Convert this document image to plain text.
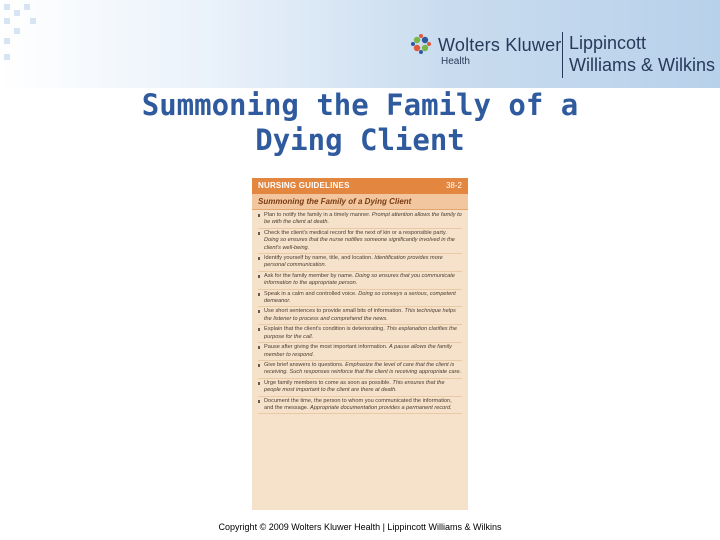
Wolters Kluwer
Health
Lippincott
Williams & Wilkins
Summoning the Family of a
Dying Client
NURSING GUIDELINES	38-2
Summoning the Family of a Dying Client
Plan to notify the family in a timely manner. Prompt attention allows the family to be with the client at death.
Check the client's medical record for the next of kin or a responsible party. Doing so ensures that the nurse notifies someone significantly involved in the client's well-being.
Identify yourself by name, title, and location. Identification provides more personal communication.
Ask for the family member by name. Doing so ensures that you communicate information to the appropriate person.
Speak in a calm and controlled voice. Doing so conveys a serious, competent demeanor.
Use short sentences to provide small bits of information. This technique helps the listener to process and comprehend the news.
Explain that the client's condition is deteriorating. This explanation clarifies the purpose for the call.
Pause after giving the most important information. A pause allows the family member to respond.
Give brief answers to questions. Emphasize the level of care that the client is receiving. Such responses reinforce that the client is receiving appropriate care.
Urge family members to come as soon as possible. This ensures that the people most important to the client are there at death.
Document the time, the person to whom you communicated the information, and the message. Appropriate documentation provides a permanent record.
Copyright © 2009 Wolters Kluwer Health | Lippincott Williams & Wilkins
